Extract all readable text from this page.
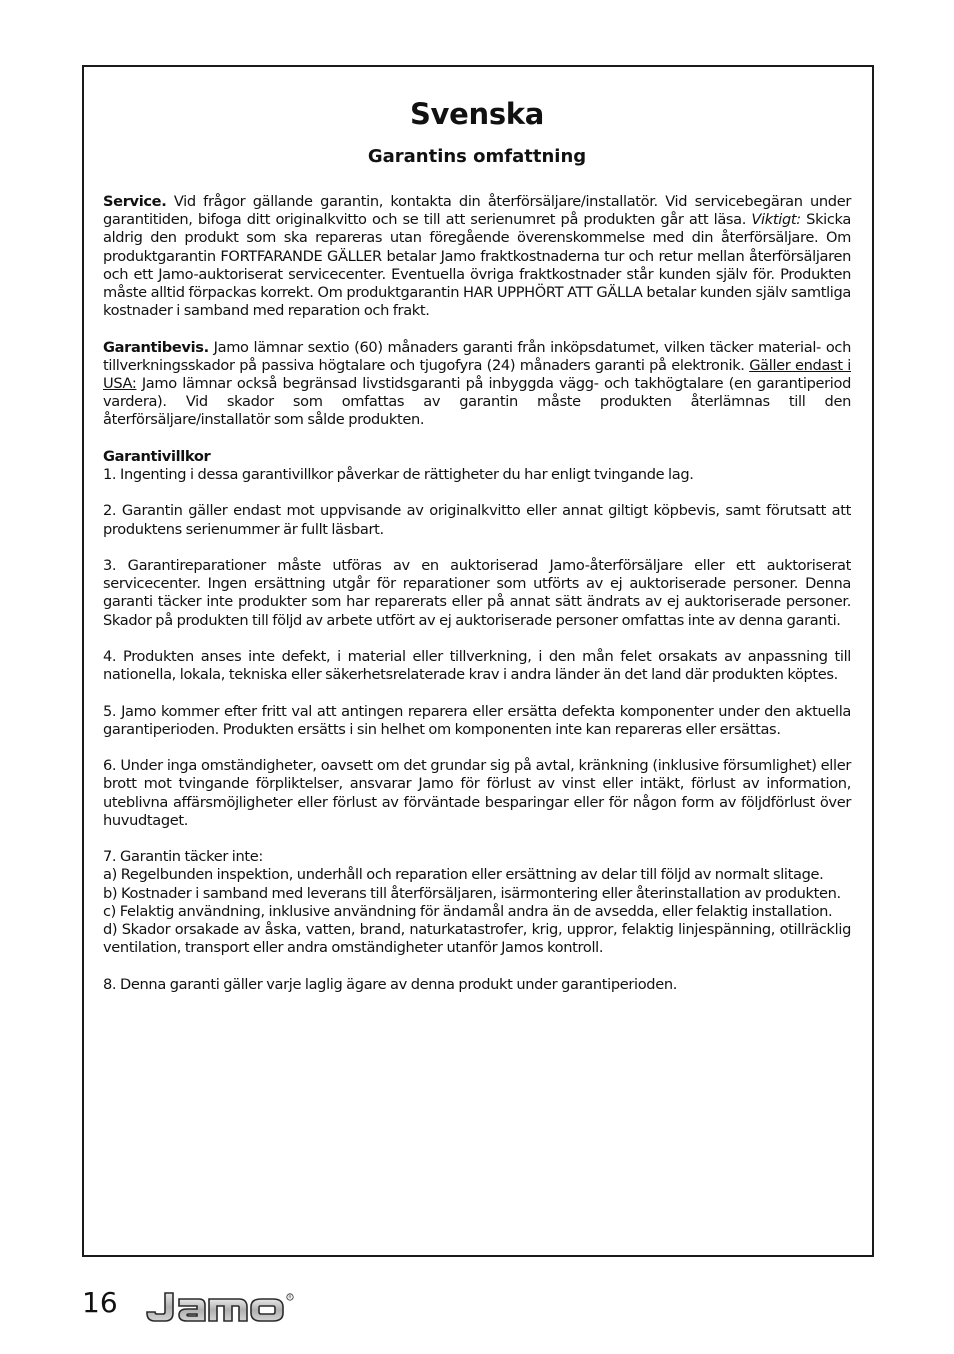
Svenska
Garantins omfattning

Service. Vid frågor gällande garantin, kontakta din återförsäljare/installatör. Vid servicebegäran under garantitiden, bifoga ditt originalkvitto och se till att serienumret på produkten går att läsa. Viktigt: Skicka aldrig den produkt som ska repareras utan föregående överenskommelse med din återförsäljare. Om produktgarantin FORTFARANDE GÄLLER betalar Jamo fraktkostnaderna tur och retur mellan återförsäljaren och ett Jamo-auktoriserat servicecenter. Eventuella övriga fraktkostnader står kunden själv för. Produkten måste alltid förpackas korrekt. Om produktgarantin HAR UPPHÖRT ATT GÄLLA betalar kunden själv samtliga kostnader i samband med reparation och frakt.

Garantibevis. Jamo lämnar sextio (60) månaders garanti från inköpsdatumet, vilken täcker material- och tillverkningsskador på passiva högtalare och tjugofyra (24) månaders garanti på elektronik. Gäller endast i USA: Jamo lämnar också begränsad livstidsgaranti på inbyggda vägg- och takhögtalare (en garantiperiod vardera). Vid skador som omfattas av garantin måste produkten återlämnas till den återförsäljare/installatör som sålde produkten.

Garantivillkor

1. Ingenting i dessa garantivillkor påverkar de rättigheter du har enligt tvingande lag.

2. Garantin gäller endast mot uppvisande av originalkvitto eller annat giltigt köpbevis, samt förutsatt att produktens serienummer är fullt läsbart.

3. Garantireparationer måste utföras av en auktoriserad Jamo-återförsäljare eller ett auktoriserat servicecenter. Ingen ersättning utgår för reparationer som utförts av ej auktoriserade personer. Denna garanti täcker inte produkter som har reparerats eller på annat sätt ändrats av ej auktoriserade personer. Skador på produkten till följd av arbete utfört av ej auktoriserade personer omfattas inte av denna garanti.

4. Produkten anses inte defekt, i material eller tillverkning, i den mån felet orsakats av anpassning till nationella, lokala, tekniska eller säkerhetsrelaterade krav i andra länder än det land där produkten köptes.

5. Jamo kommer efter fritt val att antingen reparera eller ersätta defekta komponenter under den aktuella garantiperioden. Produkten ersätts i sin helhet om komponenten inte kan repareras eller ersättas.

6. Under inga omständigheter, oavsett om det grundar sig på avtal, kränkning (inklusive försumlighet) eller brott mot tvingande förpliktelser, ansvarar Jamo för förlust av vinst eller intäkt, förlust av information, uteblivna affärsmöjligheter eller förlust av förväntade besparingar eller för någon form av följdförlust över huvudtaget.

7. Garantin täcker inte:
a) Regelbunden inspektion, underhåll och reparation eller ersättning av delar till följd av normalt slitage.
b) Kostnader i samband med leverans till återförsäljaren, isärmontering eller återinstallation av produkten.
c) Felaktig användning, inklusive användning för ändamål andra än de avsedda, eller felaktig installation.

d) Skador orsakade av åska, vatten, brand, naturkatastrofer, krig, uppror, felaktig linjespänning, otillräcklig ventilation, transport eller andra omständigheter utanför Jamos kontroll.

8. Denna garanti gäller varje laglig ägare av denna produkt under garantiperioden.

16	R
